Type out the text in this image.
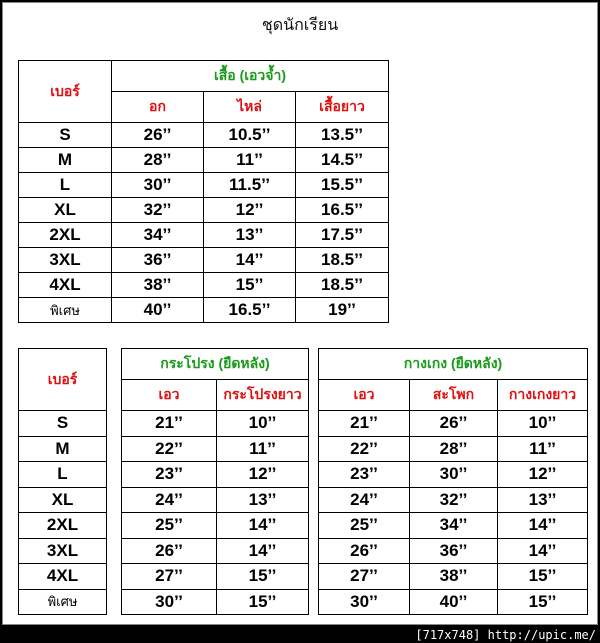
ชุดนักเรียน
เบอร์	เสื้อ (เอวจ้ำ)		
	อก	ไหล่	เสื้อยาว
S	26’’	10.5’’	13.5’’
M	28’’	11’’	14.5’’
L	30’’	11.5’’	15.5’’
XL	32’’	12’’	16.5’’
2XL	34’’	13’’	17.5’’
3XL	36’’	14’’	18.5’’
4XL	38’’	15’’	18.5’’
พิเศษ	40’’	16.5’’	19’’
เบอร์		กระโปรง (ยืดหลัง)	
		เอว	กระโปรงยาว
S		21’’	10’’
M		22’’	11’’
L		23’’	12’’
XL		24’’	13’’
2XL		25’’	14’’
3XL		26’’	14’’
4XL		27’’	15’’
พิเศษ		30’’	15’’
กางเกง (ยืดหลัง)		
เอว	สะโพก	กางเกงยาว
21’’	26’’	10’’
22’’	28’’	11’’
23’’	30’’	12’’
24’’	32’’	13’’
25’’	34’’	14’’
26’’	36’’	14’’
27’’	38’’	15’’
30’’	40’’	15’’
[717x748] http://upic.me/
